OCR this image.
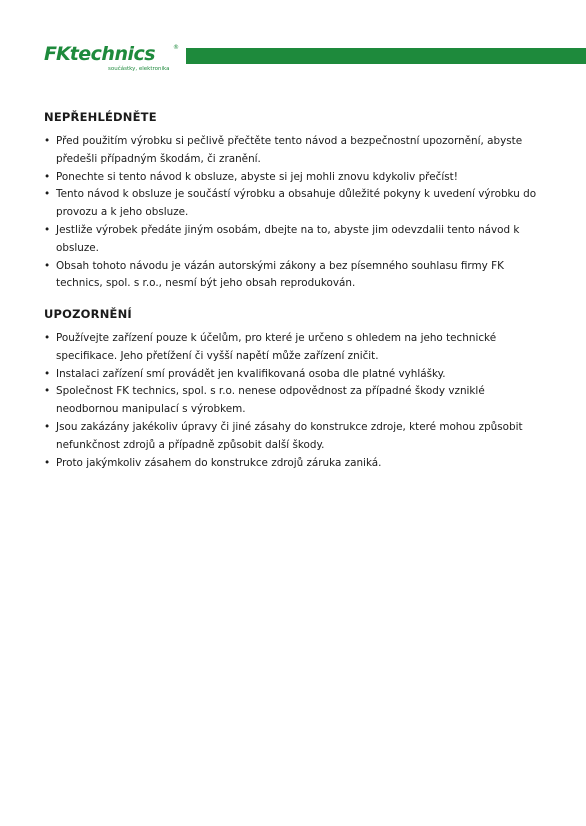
FKtechnics	®
součástky, elektronika
NEPŘEHLÉDNĚTE
• Před použitím výrobku si pečlivě přečtěte tento návod a bezpečnostní upozornění, abyste předešli případným škodám, či zranění.
• Ponechte si tento návod k obsluze, abyste si jej mohli znovu kdykoliv přečíst!
• Tento návod k obsluze je součástí výrobku a obsahuje důležité pokyny k uvedení výrobku do provozu a k jeho obsluze.
• Jestliže výrobek předáte jiným osobám, dbejte na to, abyste jim odevzdalii tento návod k obsluze.
• Obsah tohoto návodu je vázán autorskými zákony a bez písemného souhlasu firmy FK technics, spol. s r.o., nesmí být jeho obsah reprodukován.
UPOZORNĚNÍ
• Používejte zařízení pouze k účelům, pro které je určeno s ohledem na jeho technické specifikace. Jeho přetížení či vyšší napětí může zařízení zničit.
• Instalaci zařízení smí provádět jen kvalifikovaná osoba dle platné vyhlášky.
• Společnost FK technics, spol. s r.o. nenese odpovědnost za případné škody vzniklé neodbornou manipulací s výrobkem.
• Jsou zakázány jakékoliv úpravy či jiné zásahy do konstrukce zdroje, které mohou způsobit nefunkčnost zdrojů a případně způsobit další škody.
• Proto jakýmkoliv zásahem do konstrukce zdrojů záruka zaniká.
